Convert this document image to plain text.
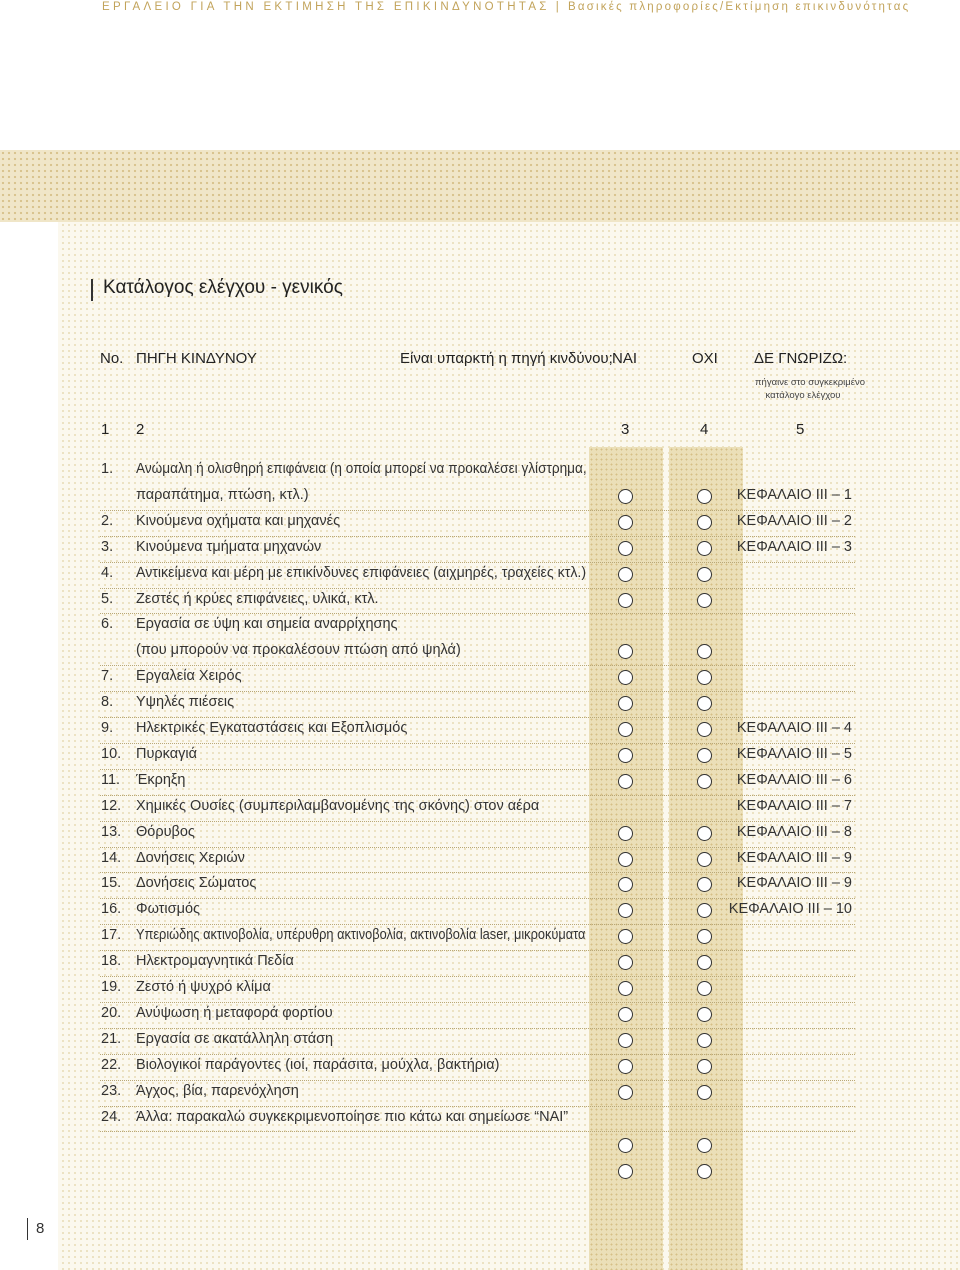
ΕΡΓΑΛΕΙΟ ΓΙΑ ΤΗΝ ΕΚΤΙΜΗΣΗ ΤΗΣ ΕΠΙΚΙΝΔΥΝΟΤΗΤΑΣ | Βασικές πληροφορίες/Εκτίμηση επικινδυνότητας
Κατάλογος ελέγχου - γενικός
No. ΠΗΓΗ ΚΙΝΔΥΝΟΥ	Είναι υπαρκτή η πηγή κινδύνου; ΝΑΙ	ΟΧΙ ΔΕ ΓΝΩΡΙΖΩ:
πήγαινε στο συγκεκριμένο
κατάλογο ελέγχου
1 2	3	4	5
1. Ανώμαλη ή ολισθηρή επιφάνεια (η οποία μπορεί να προκαλέσει γλίστρημα,
παραπάτημα, πτώση, κτλ.)	ΚΕΦΑΛΑΙΟ ΙΙΙ – 1
2. Κινούμενα οχήματα και μηχανές	ΚΕΦΑΛΑΙΟ ΙΙΙ – 2
3. Κινούμενα τμήματα μηχανών	ΚΕΦΑΛΑΙΟ ΙΙΙ – 3
4. Αντικείμενα και μέρη με επικίνδυνες επιφάνειες (αιχμηρές, τραχείες κτλ.)
5. Ζεστές ή κρύες επιφάνειες, υλικά, κτλ.
6. Εργασία σε ύψη και σημεία αναρρίχησης
(που μπορούν να προκαλέσουν πτώση από ψηλά)
7. Εργαλεία Χειρός
8. Υψηλές πιέσεις
9. Ηλεκτρικές Εγκαταστάσεις και Εξοπλισμός	ΚΕΦΑΛΑΙΟ ΙΙΙ – 4
10. Πυρκαγιά	ΚΕΦΑΛΑΙΟ ΙΙΙ – 5
11. Έκρηξη	ΚΕΦΑΛΑΙΟ ΙΙΙ – 6
12. Χημικές Ουσίες (συμπεριλαμβανομένης της σκόνης) στον αέρα	ΚΕΦΑΛΑΙΟ ΙΙΙ – 7
13. Θόρυβος	ΚΕΦΑΛΑΙΟ ΙΙΙ – 8
14. Δονήσεις Χεριών	ΚΕΦΑΛΑΙΟ ΙΙΙ – 9
15. Δονήσεις Σώματος	ΚΕΦΑΛΑΙΟ ΙΙΙ – 9
16. Φωτισμός	ΚΕΦΑΛΑΙΟ ΙΙΙ – 10
17. Υπεριώδης ακτινοβολία, υπέρυθρη ακτινοβολία, ακτινοβολία laser, μικροκύματα
18. Ηλεκτρομαγνητικά Πεδία
19. Ζεστό ή ψυχρό κλίμα
20. Ανύψωση ή μεταφορά φορτίου
21. Εργασία σε ακατάλληλη στάση
22. Βιολογικοί παράγοντες (ιοί, παράσιτα, μούχλα, βακτήρια)
23. Άγχος, βία, παρενόχληση
24. Άλλα: παρακαλώ συγκεκριμενοποίησε πιο κάτω και σημείωσε “ΝΑΙ”
8
